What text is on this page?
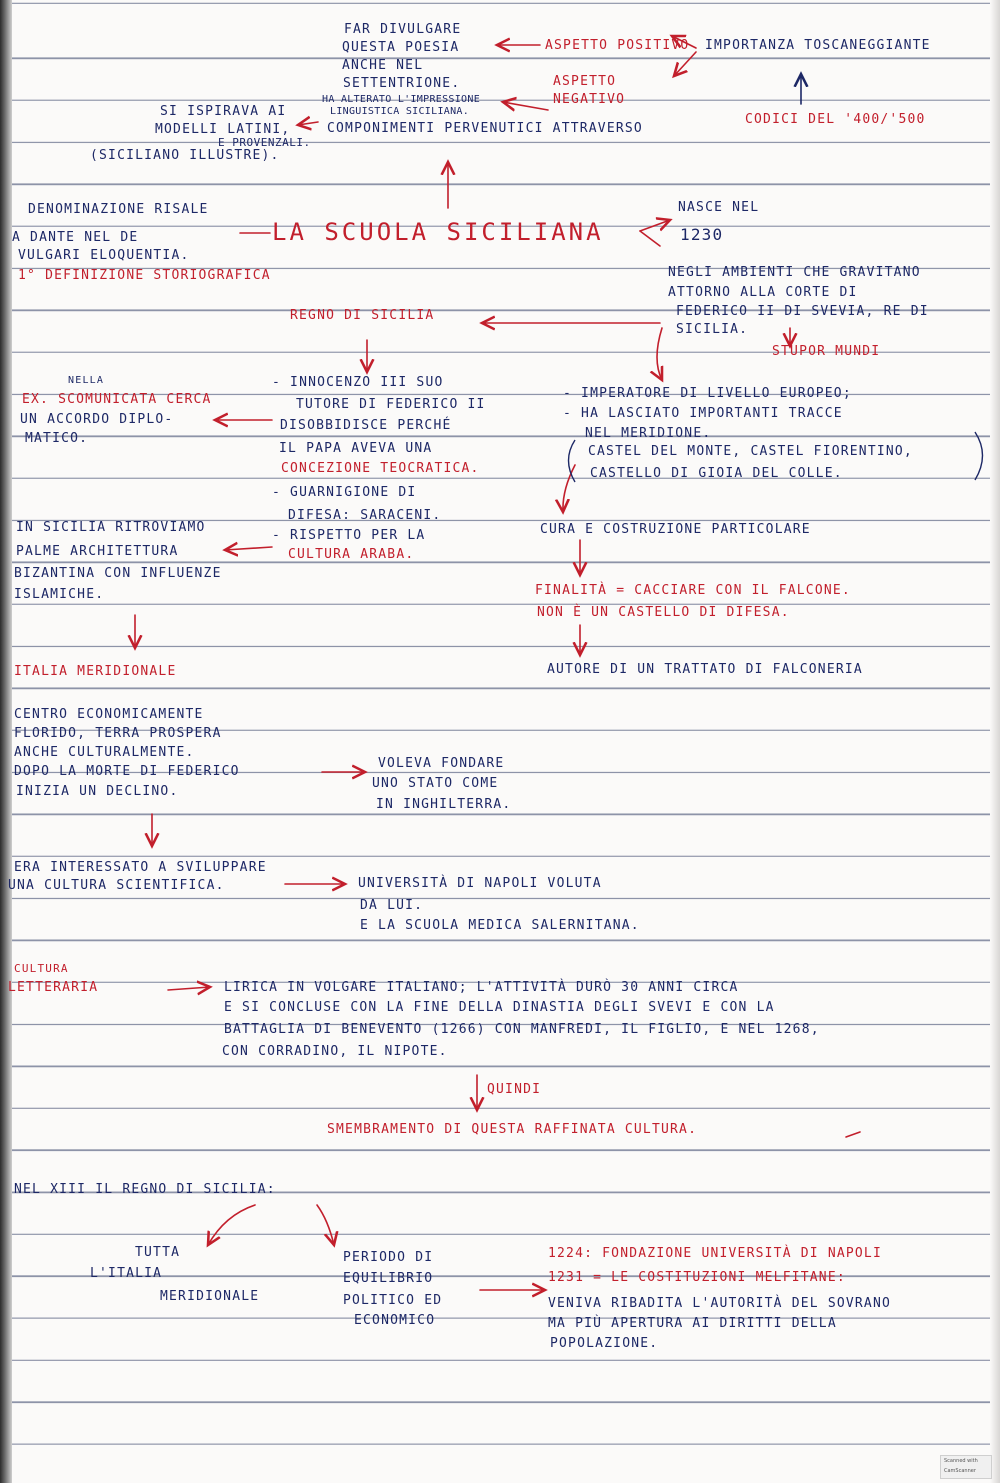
FAR DIVULGARE
QUESTA POESIA
ANCHE NEL
SETTENTRIONE.
ASPETTO POSITIVO
ASPETTO
NEGATIVO
IMPORTANZA TOSCANEGGIANTE
HA ALTERATO L'IMPRESSIONE
LINGUISTICA SICILIANA.
COMPONIMENTI PERVENUTICI ATTRAVERSO
CODICI DEL '400/'500
SI ISPIRAVA AI
MODELLI LATINI,
E PROVENZALI.
(SICILIANO ILLUSTRE).
DENOMINAZIONE RISALE
A DANTE NEL DE
VULGARI ELOQUENTIA.
1° DEFINIZIONE STORIOGRAFICA
LA SCUOLA SICILIANA
NASCE NEL
1230
NEGLI AMBIENTI CHE GRAVITANO
ATTORNO ALLA CORTE DI
FEDERICO II DI SVEVIA, RE DI
SICILIA.
STUPOR MUNDI
REGNO DI SICILIA
NELLA
EX. SCOMUNICATA CERCA
UN ACCORDO DIPLO-
MATICO.
- INNOCENZO III SUO
TUTORE DI FEDERICO II
DISOBBIDISCE PERCHÉ
IL PAPA AVEVA UNA
CONCEZIONE TEOCRATICA.
- GUARNIGIONE DI
DIFESA: SARACENI.
- RISPETTO PER LA
CULTURA ARABA.
- IMPERATORE DI LIVELLO EUROPEO;
- HA LASCIATO IMPORTANTI TRACCE
NEL MERIDIONE.
CASTEL DEL MONTE, CASTEL FIORENTINO,
CASTELLO DI GIOIA DEL COLLE.
CURA E COSTRUZIONE PARTICOLARE
FINALITÀ = CACCIARE CON IL FALCONE.
NON È UN CASTELLO DI DIFESA.
AUTORE DI UN TRATTATO DI FALCONERIA
IN SICILIA RITROVIAMO
PALME ARCHITETTURA
BIZANTINA CON INFLUENZE
ISLAMICHE.
ITALIA MERIDIONALE
CENTRO ECONOMICAMENTE
FLORIDO, TERRA PROSPERA
ANCHE CULTURALMENTE.
DOPO LA MORTE DI FEDERICO
INIZIA UN DECLINO.
VOLEVA FONDARE
UNO STATO COME
IN INGHILTERRA.
ERA INTERESSATO A SVILUPPARE
UNA CULTURA SCIENTIFICA.	UNIVERSITÀ DI NAPOLI VOLUTA
DA LUI.
E LA SCUOLA MEDICA SALERNITANA.
CULTURA
LETTERARIA	LIRICA IN VOLGARE ITALIANO; L'ATTIVITÀ DURÒ 30 ANNI CIRCA
E SI CONCLUSE CON LA FINE DELLA DINASTIA DEGLI SVEVI E CON LA
BATTAGLIA DI BENEVENTO (1266) CON MANFREDI, IL FIGLIO, E NEL 1268,
CON CORRADINO, IL NIPOTE.
QUINDI
SMEMBRAMENTO DI QUESTA RAFFINATA CULTURA.
NEL XIII IL REGNO DI SICILIA:
TUTTA
L'ITALIA
MERIDIONALE
PERIODO DI
EQUILIBRIO
POLITICO ED
ECONOMICO
1224: FONDAZIONE UNIVERSITÀ DI NAPOLI
1231 = LE COSTITUZIONI MELFITANE:
VENIVA RIBADITA L'AUTORITÀ DEL SOVRANO
MA PIÙ APERTURA AI DIRITTI DELLA
POPOLAZIONE.
Scanned with
CamScanner
